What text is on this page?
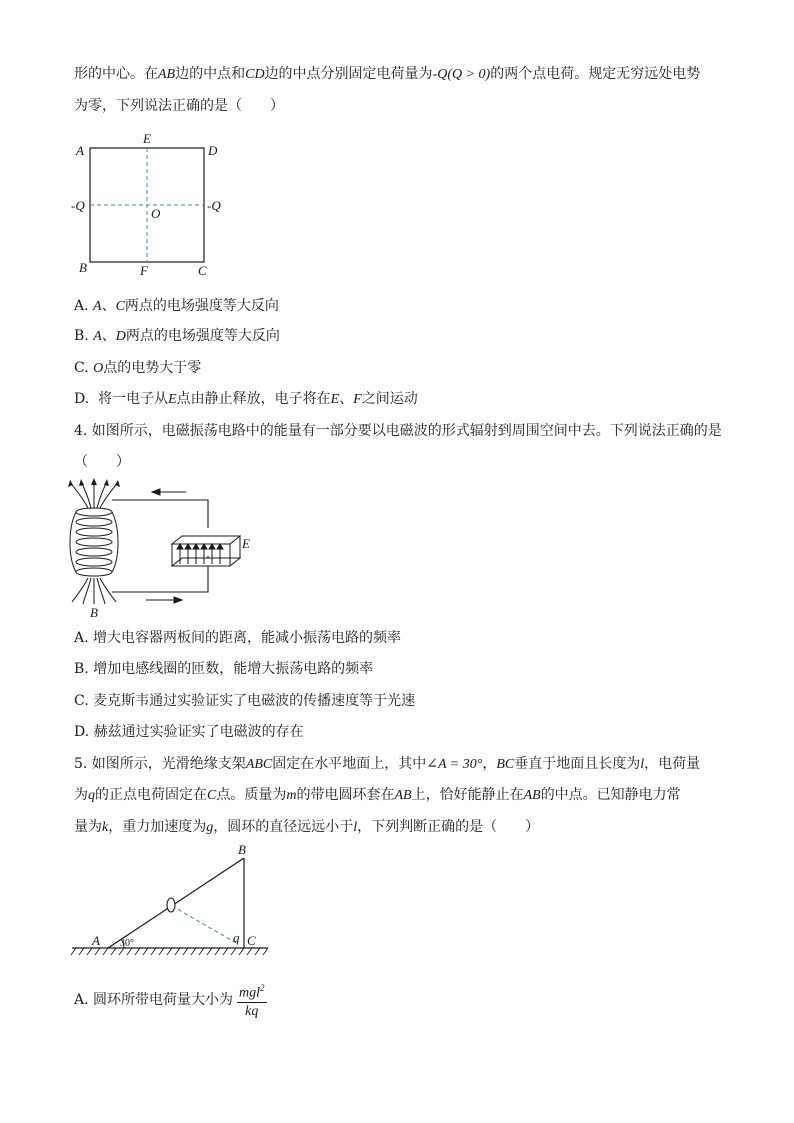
形的中心。在AB边的中点和CD边的中点分别固定电荷量为-Q(Q > 0)的两个点电荷。规定无穷远处电势
为零，下列说法正确的是（　　）
A	D
B	C
E
F
O
-Q	-Q
A. A、C两点的电场强度等大反向
B. A、D两点的电场强度等大反向
C. O点的电势大于零
D. 将一电子从E点由静止释放，电子将在E、F之间运动
4. 如图所示，电磁振荡电路中的能量有一部分要以电磁波的形式辐射到周围空间中去。下列说法正确的是
（　　）
E
B
A. 增大电容器两板间的距离，能减小振荡电路的频率
B. 增加电感线圈的匝数，能增大振荡电路的频率
C. 麦克斯韦通过实验证实了电磁波的传播速度等于光速
D. 赫兹通过实验证实了电磁波的存在
5. 如图所示，光滑绝缘支架ABC固定在水平地面上，其中∠A = 30°，BC垂直于地面且长度为l，电荷量
为q的正点电荷固定在C点。质量为m的带电圆环套在AB上，恰好能静止在AB的中点。已知静电力常
量为k，重力加速度为g，圆环的直径远远小于l，下列判断正确的是（　　）
A
B
C
q
30°
A. 圆环所带电荷量大小为 $\frac{mgl^2}{kq}$
